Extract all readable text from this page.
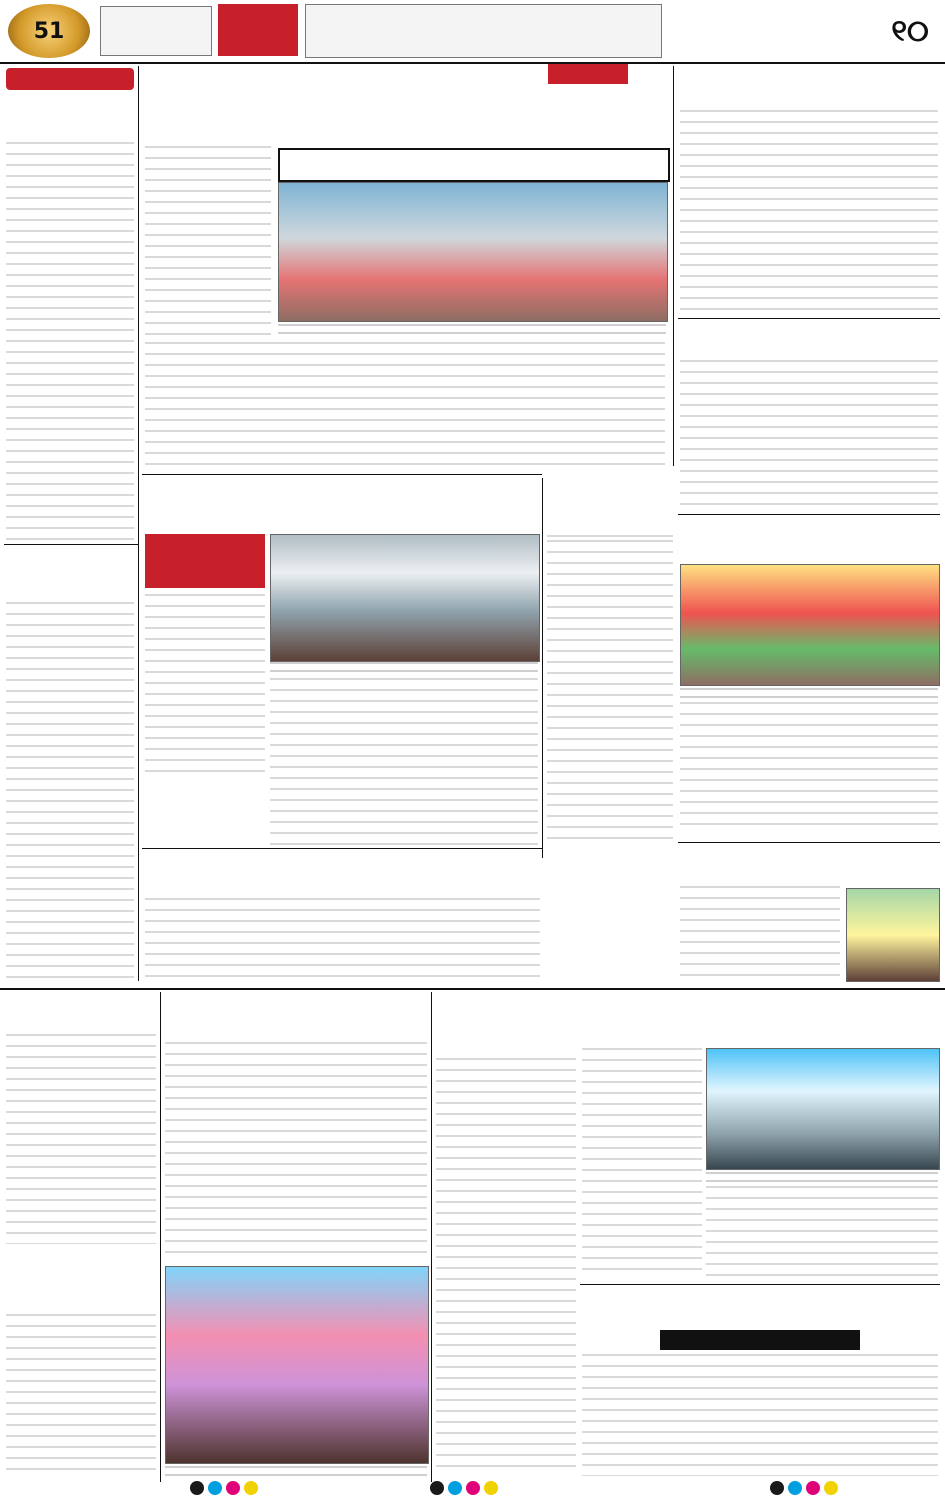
51	୧୦
